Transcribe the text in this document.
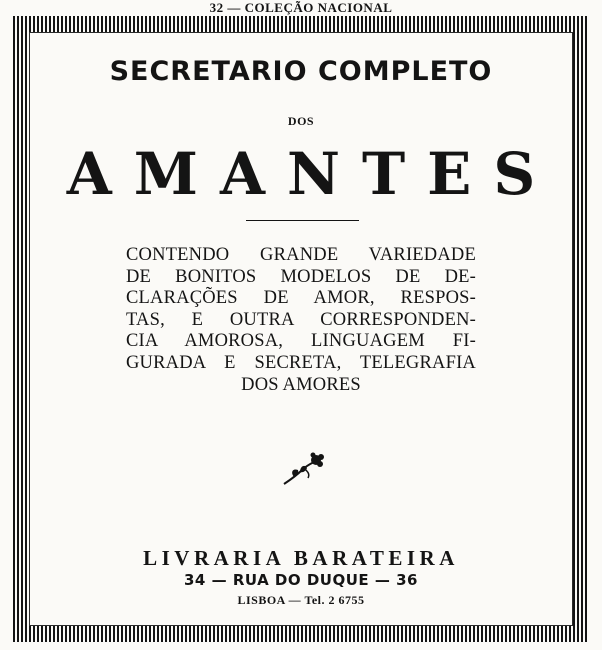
32 — COLEÇÃO NACIONAL
SECRETARIO COMPLETO
DOS
AMANTES
CONTENDO GRANDE VARIEDADE
DE BONITOS MODELOS DE DE-
CLARAÇÕES DE AMOR, RESPOS-
TAS, E OUTRA CORRESPONDEN-
CIA AMOROSA, LINGUAGEM FI-
GURADA E SECRETA, TELEGRAFIA
DOS AMORES
LIVRARIA BARATEIRA
34 — RUA DO DUQUE — 36
LISBOA — Tel. 2 6755
